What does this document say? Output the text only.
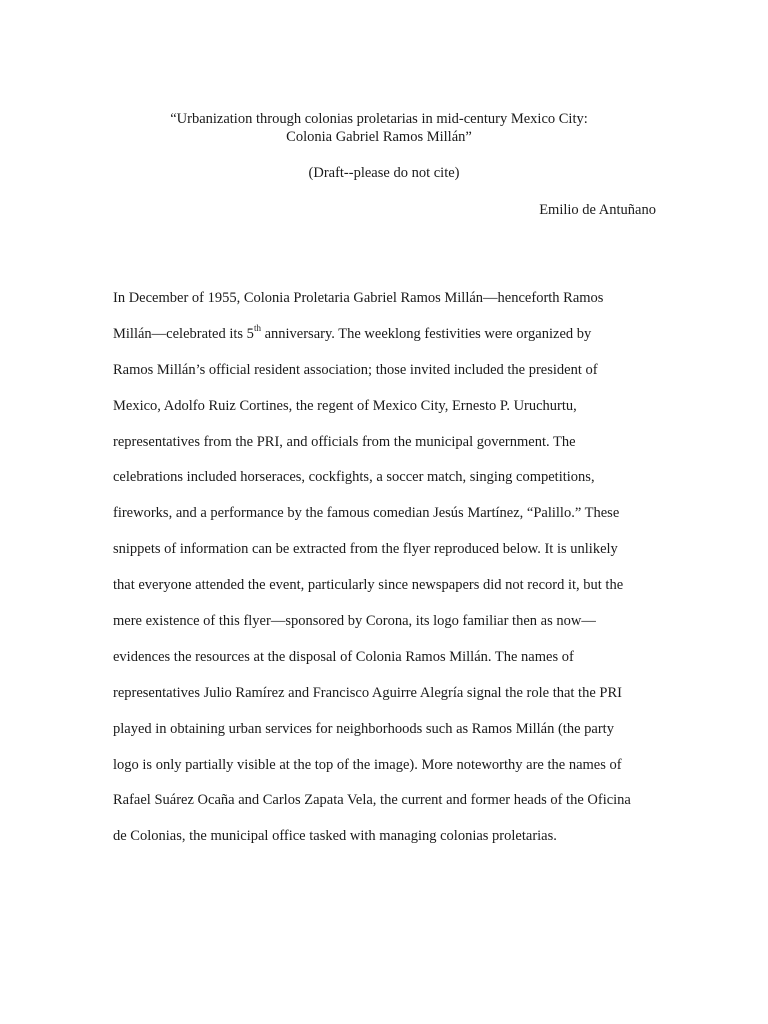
“Urbanization through colonias proletarias in mid-century Mexico City:
Colonia Gabriel Ramos Millán”
(Draft--please do not cite)
Emilio de Antuñano
In December of 1955, Colonia Proletaria Gabriel Ramos Millán—henceforth Ramos
Millán—celebrated its 5th anniversary. The weeklong festivities were organized by
Ramos Millán’s official resident association; those invited included the president of
Mexico, Adolfo Ruiz Cortines, the regent of Mexico City, Ernesto P. Uruchurtu,
representatives from the PRI, and officials from the municipal government. The
celebrations included horseraces, cockfights, a soccer match, singing competitions,
fireworks, and a performance by the famous comedian Jesús Martínez, “Palillo.” These
snippets of information can be extracted from the flyer reproduced below. It is unlikely
that everyone attended the event, particularly since newspapers did not record it, but the
mere existence of this flyer—sponsored by Corona, its logo familiar then as now—
evidences the resources at the disposal of Colonia Ramos Millán. The names of
representatives Julio Ramírez and Francisco Aguirre Alegría signal the role that the PRI
played in obtaining urban services for neighborhoods such as Ramos Millán (the party
logo is only partially visible at the top of the image). More noteworthy are the names of
Rafael Suárez Ocaña and Carlos Zapata Vela, the current and former heads of the Oficina
de Colonias, the municipal office tasked with managing colonias proletarias.
